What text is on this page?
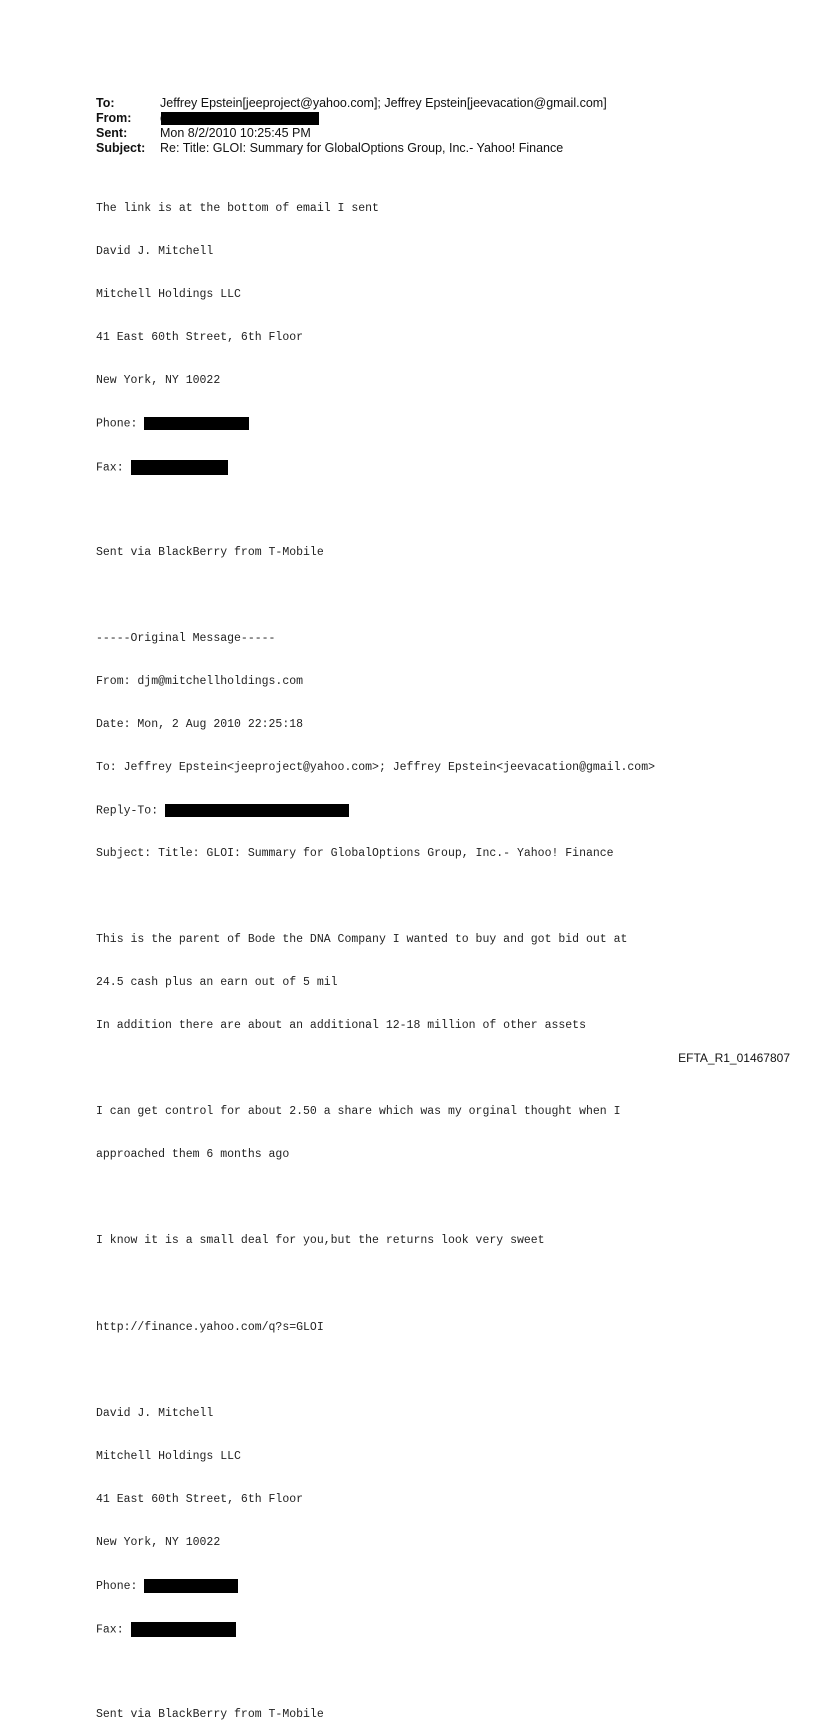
To:	Jeffrey Epstein[jeeproject@yahoo.com]; Jeffrey Epstein[jeevacation@gmail.com]
From:
Sent:	Mon 8/2/2010 10:25:45 PM
Subject:	Re: Title: GLOI: Summary for GlobalOptions Group, Inc.- Yahoo! Finance

The link is at the bottom of email I sent

David J. Mitchell

Mitchell Holdings LLC

41 East 60th Street, 6th Floor

New York, NY 10022

Phone:

Fax:

Sent via BlackBerry from T-Mobile

-----Original Message-----

From: djm@mitchellholdings.com

Date: Mon, 2 Aug 2010 22:25:18

To: Jeffrey Epstein<jeeproject@yahoo.com>; Jeffrey Epstein<jeevacation@gmail.com>

Reply-To:

Subject: Title: GLOI: Summary for GlobalOptions Group, Inc.- Yahoo! Finance

This is the parent of Bode the DNA Company I wanted to buy and got bid out at

24.5 cash plus an earn out of 5 mil

In addition there are about an additional 12-18 million of other assets

I can get control for about 2.50 a share which was my orginal thought when I

approached them 6 months ago

I know it is a small deal for you,but the returns look very sweet

http://finance.yahoo.com/q?s=GLOI

David J. Mitchell

Mitchell Holdings LLC

41 East 60th Street, 6th Floor

New York, NY 10022

Phone:

Fax:

Sent via BlackBerry from T-Mobile

EFTA_R1_01467807
